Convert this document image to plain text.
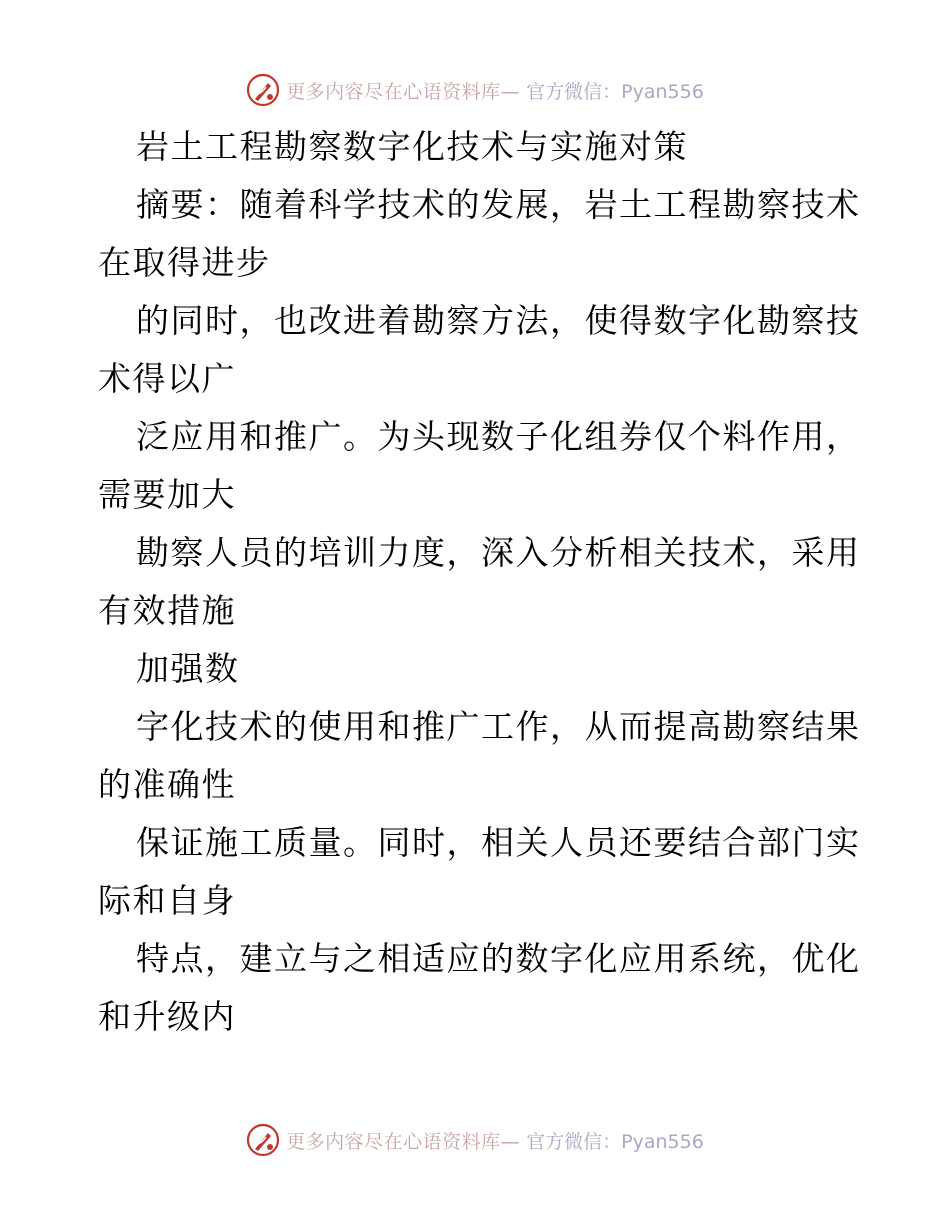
更多内容尽在心语资料库— 官方微信：Pyan556
岩土工程勘察数字化技术与实施对策
摘要：随着科学技术的发展，岩土工程勘察技术
在取得进步
的同时，也改进着勘察方法，使得数字化勘察技
术得以广
泛应用和推广。为头现数子化组券仅个料作用，
需要加大
勘察人员的培训力度，深入分析相关技术，采用
有效措施
加强数
字化技术的使用和推广工作，从而提高勘察结果
的准确性
保证施工质量。同时，相关人员还要结合部门实
际和自身
特点，建立与之相适应的数字化应用系统，优化
和升级内
更多内容尽在心语资料库— 官方微信：Pyan556
